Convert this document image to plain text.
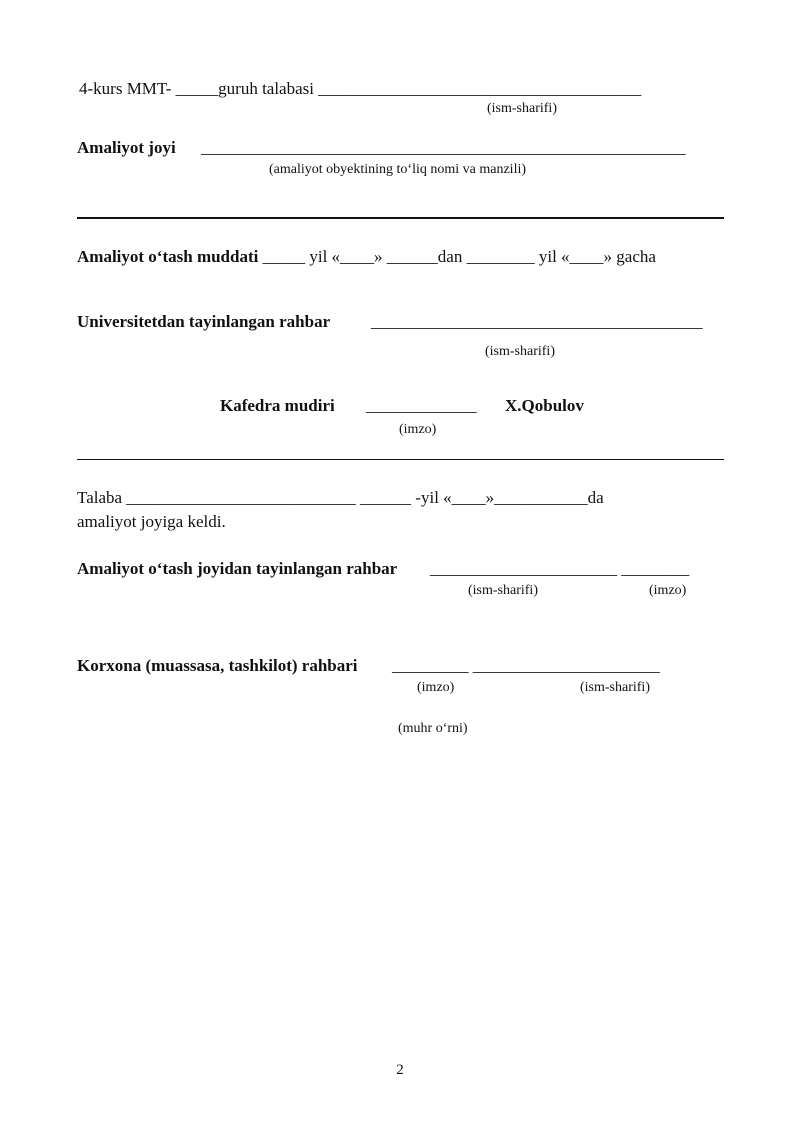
4-kurs MMT- _____guruh talabasi ______________________________________
(ism-sharifi)
Amaliyot joyi _________________________________________________________
(amaliyot obyektining to‘liq nomi va manzili)
Amaliyot o‘tash muddati _____ yil «____» ______dan ________ yil «____» gacha
Universitetdan tayinlangan rahbar _______________________________________
(ism-sharifi)
Kafedra mudiri _____________ X.Qobulov
(imzo)
Talaba ___________________________ ______ -yil «____»___________da
amaliyot joyiga keldi.
Amaliyot o‘tash joyidan tayinlangan rahbar ______________________ ________
(ism-sharifi)	(imzo)
Korxona (muassasa, tashkilot) rahbari _________ ______________________
(imzo)	(ism-sharifi)
(muhr o‘rni)
2
